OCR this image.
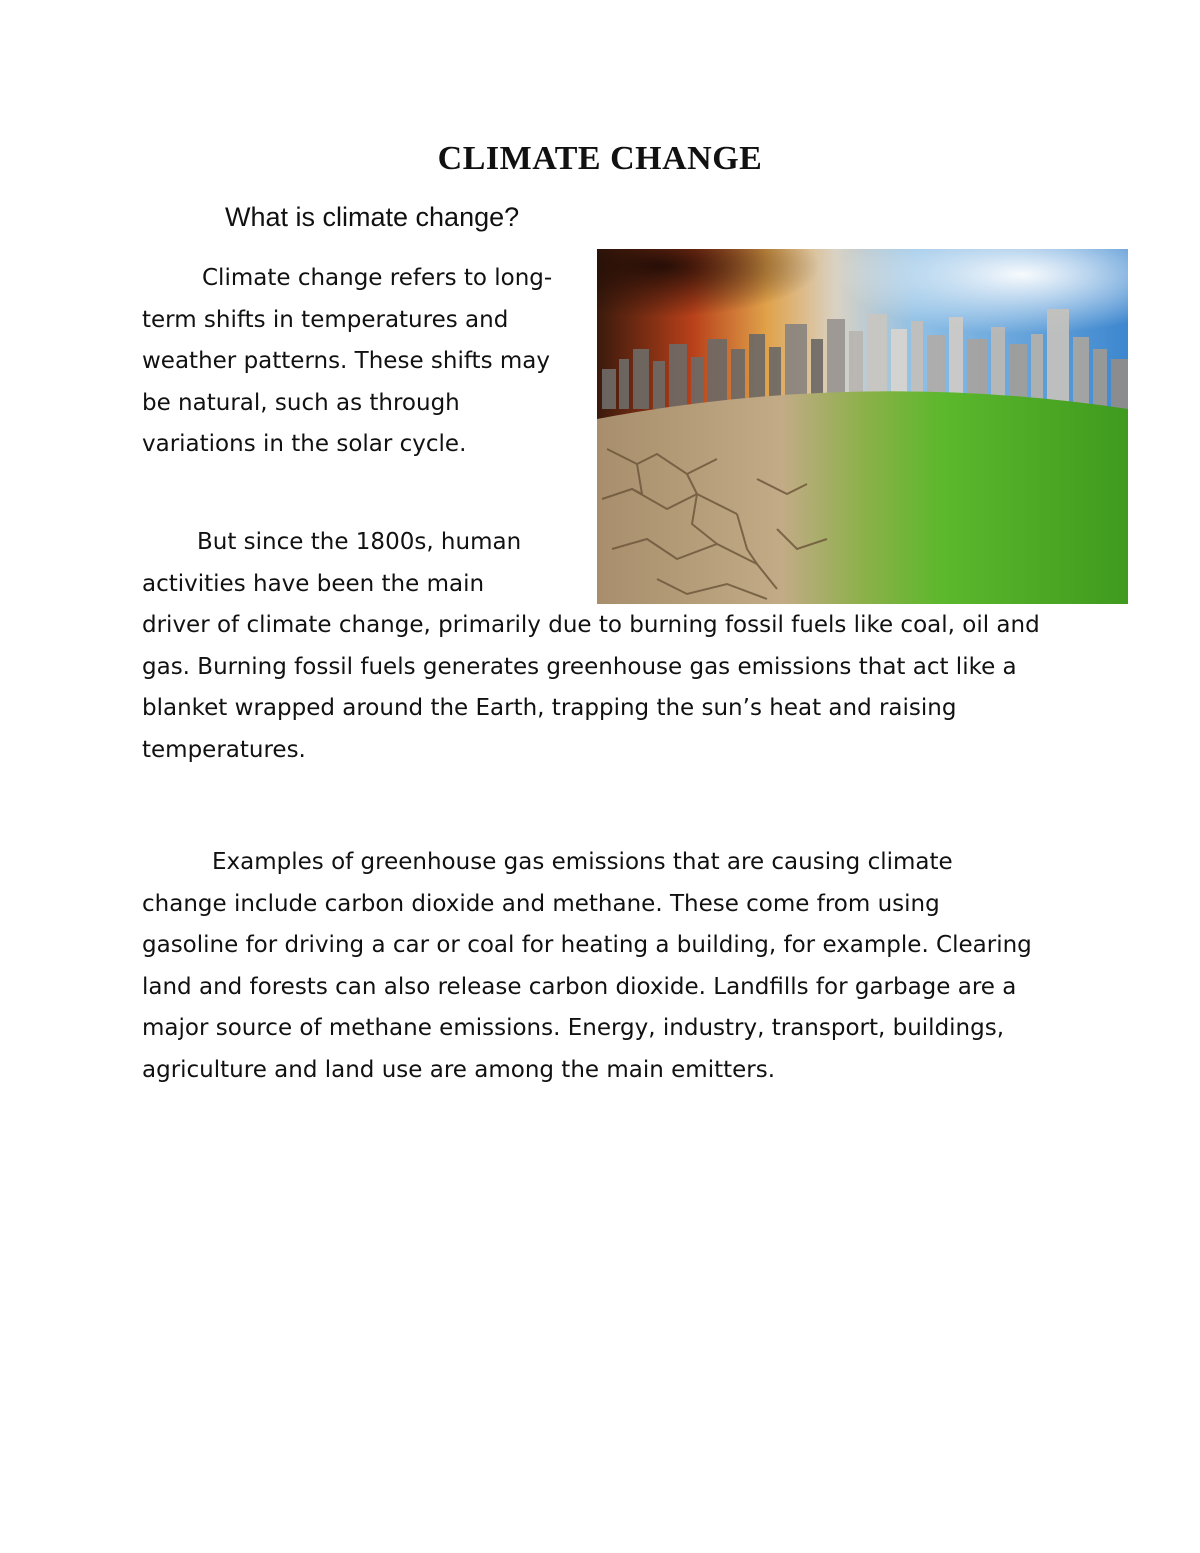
CLIMATE CHANGE
What is climate change?

Climate change refers to long-term shifts in temperatures and weather patterns. These shifts may be natural, such as through variations in the solar cycle.

But since the 1800s, human activities have been the main

driver of climate change, primarily due to burning fossil fuels like coal, oil and gas. Burning fossil fuels generates greenhouse gas emissions that act like a blanket wrapped around the Earth, trapping the sun’s heat and raising temperatures.

Examples of greenhouse gas emissions that are causing climate change include carbon dioxide and methane. These come from using gasoline for driving a car or coal for heating a building, for example. Clearing land and forests can also release carbon dioxide. Landfills for garbage are a major source of methane emissions. Energy, industry, transport, buildings, agriculture and land use are among the main emitters.
